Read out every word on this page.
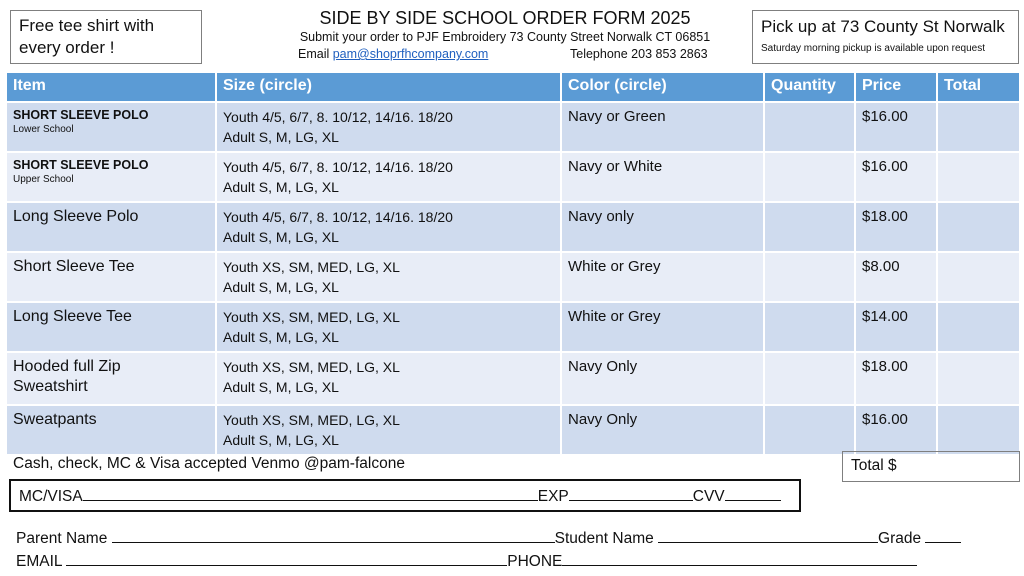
Free tee shirt with
every order !
SIDE BY SIDE SCHOOL ORDER FORM 2025
Submit your order to PJF Embroidery 73 County Street Norwalk CT 06851
Email pam@shoprfhcompany.com	Telephone 203 853 2863
Pick up at 73 County St Norwalk
Saturday morning pickup is available upon request
Item	Size (circle)	Color (circle)	Quantity	Price	Total

SHORT SLEEVE POLO
Lower School	Youth 4/5, 6/7, 8. 10/12, 14/16. 18/20
Adult S, M, LG, XL	Navy or Green		$16.00	

SHORT SLEEVE POLO
Upper School	Youth 4/5, 6/7, 8. 10/12, 14/16. 18/20
Adult S, M, LG, XL	Navy or White		$16.00	
Long Sleeve Polo	Youth 4/5, 6/7, 8. 10/12, 14/16. 18/20
Adult S, M, LG, XL	Navy only		$18.00	
Short Sleeve Tee	Youth XS, SM, MED, LG, XL
Adult S, M, LG, XL	White or Grey		$8.00	
Long Sleeve Tee	Youth XS, SM, MED, LG, XL
Adult S, M, LG, XL	White or Grey		$14.00	

Hooded full Zip
Sweatshirt	Youth XS, SM, MED, LG, XL
Adult S, M, LG, XL	Navy Only		$18.00	
Sweatpants	Youth XS, SM, MED, LG, XL
Adult S, M, LG, XL	Navy Only		$16.00	
Cash, check, MC & Visa accepted Venmo @pam-falcone	Total $
MC/VISA	EXP	CVV
Parent Name	Student Name	Grade
EMAIL	PHONE
